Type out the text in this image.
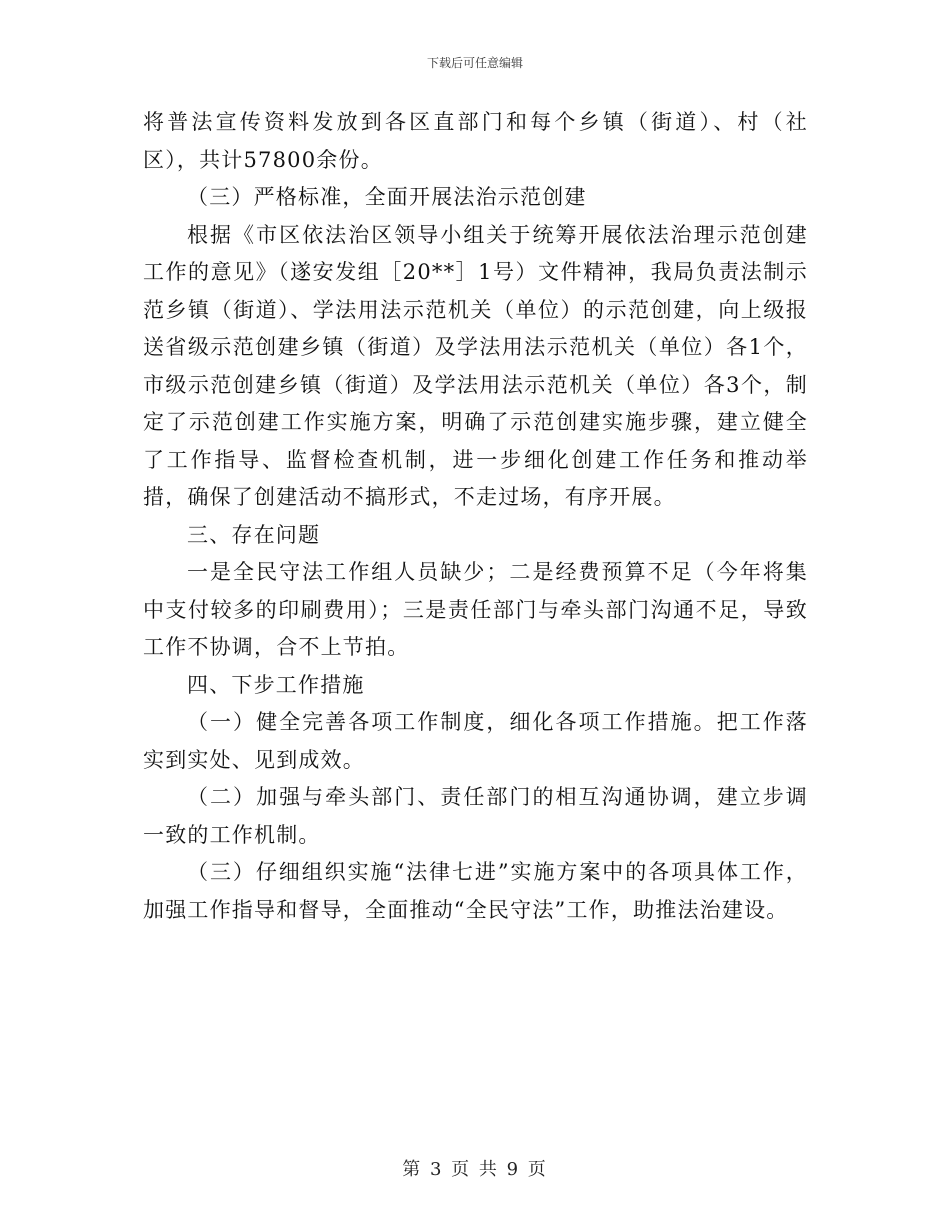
下载后可任意编辑

将普法宣传资料发放到各区直部门和每个乡镇（街道）、村（社区），共计57800余份。

（三）严格标准，全面开展法治示范创建

根据《市区依法治区领导小组关于统筹开展依法治理示范创建工作的意见》（遂安发组［20**］1号）文件精神，我局负责法制示范乡镇（街道）、学法用法示范机关（单位）的示范创建，向上级报送省级示范创建乡镇（街道）及学法用法示范机关（单位）各1个，市级示范创建乡镇（街道）及学法用法示范机关（单位）各3个，制定了示范创建工作实施方案，明确了示范创建实施步骤，建立健全了工作指导、监督检查机制，进一步细化创建工作任务和推动举措，确保了创建活动不搞形式，不走过场，有序开展。

三、存在问题

一是全民守法工作组人员缺少；二是经费预算不足（今年将集中支付较多的印刷费用）；三是责任部门与牵头部门沟通不足，导致工作不协调，合不上节拍。

四、下步工作措施

（一）健全完善各项工作制度，细化各项工作措施。把工作落实到实处、见到成效。

（二）加强与牵头部门、责任部门的相互沟通协调，建立步调一致的工作机制。

（三）仔细组织实施“法律七进”实施方案中的各项具体工作，加强工作指导和督导，全面推动“全民守法”工作，助推法治建设。

第 3 页 共 9 页
